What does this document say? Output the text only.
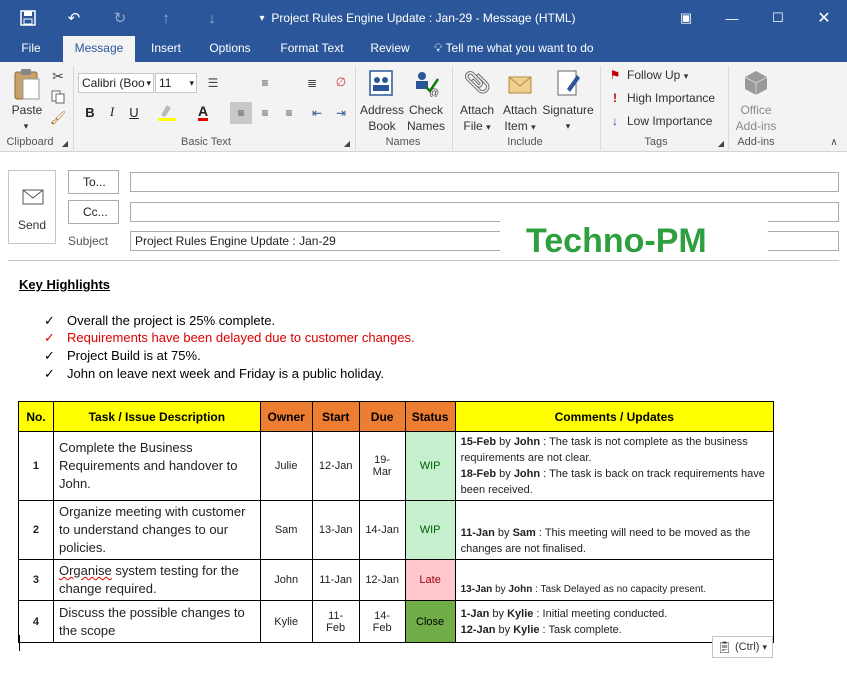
↶	↻	↑	↓	▾ Project Rules Engine Update : Jan-29 - Message (HTML)	▣	—	☐	✕
File	Message	Insert	Options	Format Text	Review	💡︎ Tell me what you want to do
Paste
▾
✂
🖌︎
Clipboard	◢
Calibri (Boo ▾ 11 ▾	☰	≡	≣	∅
B	I	U	A	≡	≡	≡	⇤	⇥
Basic Text	◢
Address
Book
@
Check
Names
Names
📎︎
Attach
File ▾
Attach
Item ▾
Signature
▾
Include
⚑ Follow Up ▾
! High Importance
↓ Low Importance
Tags	◢
Office
Add-ins
Add-ins	∧
Send
To...
Cc...
Subject	Project Rules Engine Update : Jan-29	Techno-PM
Key Highlights
✓ Overall the project is 25% complete.
✓ Requirements have been delayed due to customer changes.
✓ Project Build is at 75%.
✓ John on leave next week and Friday is a public holiday.
No.	Task / Issue Description	Owner	Start	Due	Status	Comments / Updates
1	Complete the Business Requirements and handover to John.	Julie	12-Jan	19-Mar	WIP	15-Feb by John : The task is not complete as the business requirements are not clear.
18-Feb by John : The task is back on track requirements have been received.

2	Organize meeting with customer to understand changes to our policies.	Sam	13-Jan	14-Jan	WIP	11-Jan by Sam : This meeting will need to be moved as the changes are not finalised.

3	Organise system testing for the change required.	John	11-Jan	12-Jan	Late	13-Jan by John : Task Delayed as no capacity present.

4	Discuss the possible changes to the scope	Kylie	11-Feb	14-Feb	Close	1-Jan by Kylie : Initial meeting conducted.
12-Jan by Kylie : Task complete.
📋︎ (Ctrl) ▾
